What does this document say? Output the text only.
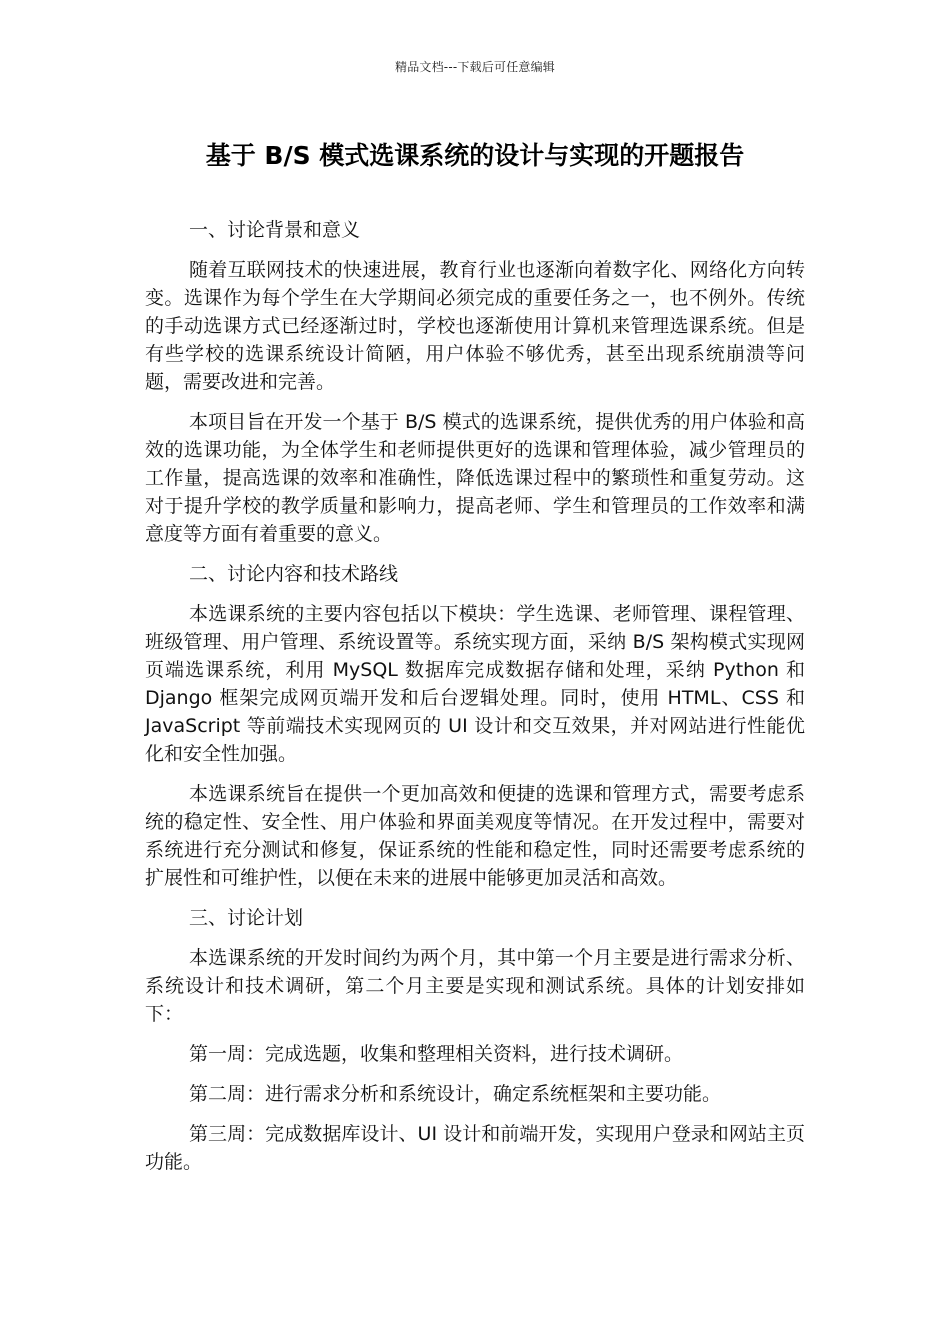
精品文档---下载后可任意编辑
基于 B/S 模式选课系统的设计与实现的开题报告

一、讨论背景和意义

随着互联网技术的快速进展，教育行业也逐渐向着数字化、网络化方向转变。选课作为每个学生在大学期间必须完成的重要任务之一，也不例外。传统的手动选课方式已经逐渐过时，学校也逐渐使用计算机来管理选课系统。但是有些学校的选课系统设计简陋，用户体验不够优秀，甚至出现系统崩溃等问题，需要改进和完善。

本项目旨在开发一个基于 B/S 模式的选课系统，提供优秀的用户体验和高效的选课功能，为全体学生和老师提供更好的选课和管理体验，减少管理员的工作量，提高选课的效率和准确性，降低选课过程中的繁琐性和重复劳动。这对于提升学校的教学质量和影响力，提高老师、学生和管理员的工作效率和满意度等方面有着重要的意义。

二、讨论内容和技术路线

本选课系统的主要内容包括以下模块：学生选课、老师管理、课程管理、班级管理、用户管理、系统设置等。系统实现方面，采纳 B/S 架构模式实现网页端选课系统，利用 MySQL 数据库完成数据存储和处理，采纳 Python 和 Django 框架完成网页端开发和后台逻辑处理。同时，使用 HTML、CSS 和 JavaScript 等前端技术实现网页的 UI 设计和交互效果，并对网站进行性能优化和安全性加强。

本选课系统旨在提供一个更加高效和便捷的选课和管理方式，需要考虑系统的稳定性、安全性、用户体验和界面美观度等情况。在开发过程中，需要对系统进行充分测试和修复，保证系统的性能和稳定性，同时还需要考虑系统的扩展性和可维护性，以便在未来的进展中能够更加灵活和高效。

三、讨论计划

本选课系统的开发时间约为两个月，其中第一个月主要是进行需求分析、系统设计和技术调研，第二个月主要是实现和测试系统。具体的计划安排如下：

第一周：完成选题，收集和整理相关资料，进行技术调研。

第二周：进行需求分析和系统设计，确定系统框架和主要功能。

第三周：完成数据库设计、UI 设计和前端开发，实现用户登录和网站主页功能。
